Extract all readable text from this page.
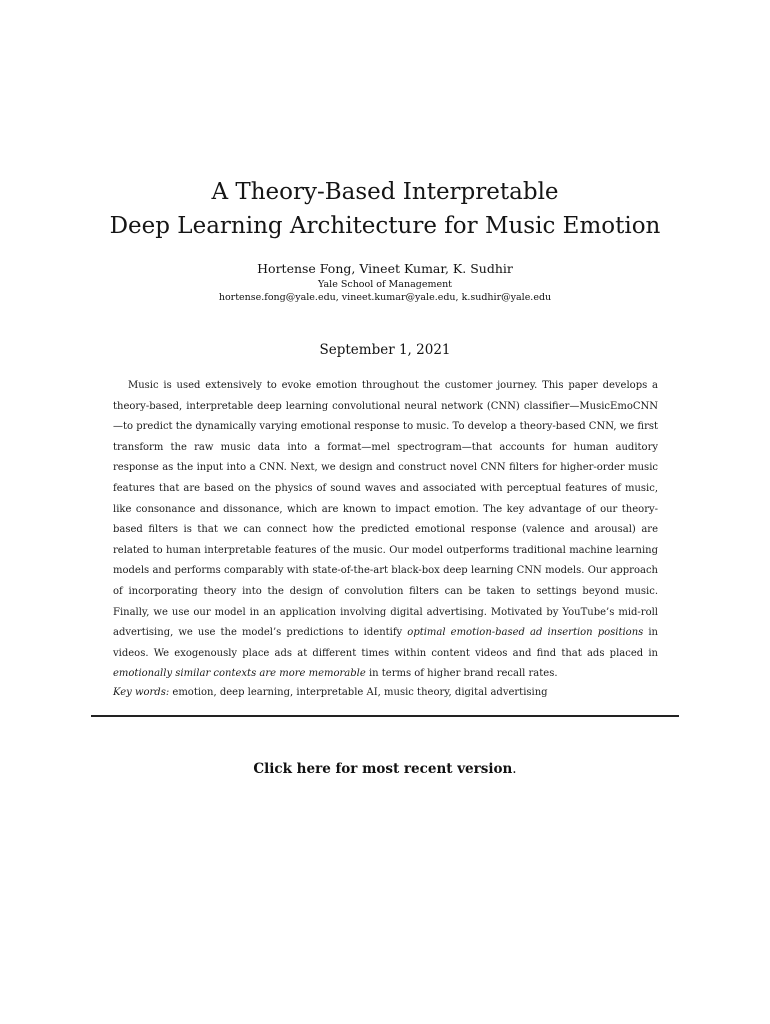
A Theory-Based Interpretable
Deep Learning Architecture for Music Emotion
Hortense Fong, Vineet Kumar, K. Sudhir
Yale School of Management
hortense.fong@yale.edu, vineet.kumar@yale.edu, k.sudhir@yale.edu
September 1, 2021

Music is used extensively to evoke emotion throughout the customer journey. This paper develops a theory-based, interpretable deep learning convolutional neural network (CNN) classifier—MusicEmoCNN—to predict the dynamically varying emotional response to music. To develop a theory-based CNN, we first transform the raw music data into a format—mel spectrogram—that accounts for human auditory response as the input into a CNN. Next, we design and construct novel CNN filters for higher-order music features that are based on the physics of sound waves and associated with perceptual features of music, like consonance and dissonance, which are known to impact emotion. The key advantage of our theory-based filters is that we can connect how the predicted emotional response (valence and arousal) are related to human interpretable features of the music. Our model outperforms traditional machine learning models and performs comparably with state-of-the-art black-box deep learning CNN models. Our approach of incorporating theory into the design of convolution filters can be taken to settings beyond music. Finally, we use our model in an application involving digital advertising. Motivated by YouTube’s mid-roll advertising, we use the model’s predictions to identify optimal emotion-based ad insertion positions in videos. We exogenously place ads at different times within content videos and find that ads placed in emotionally similar contexts are more memorable in terms of higher brand recall rates.

Key words: emotion, deep learning, interpretable AI, music theory, digital advertising
Click here for most recent version.
